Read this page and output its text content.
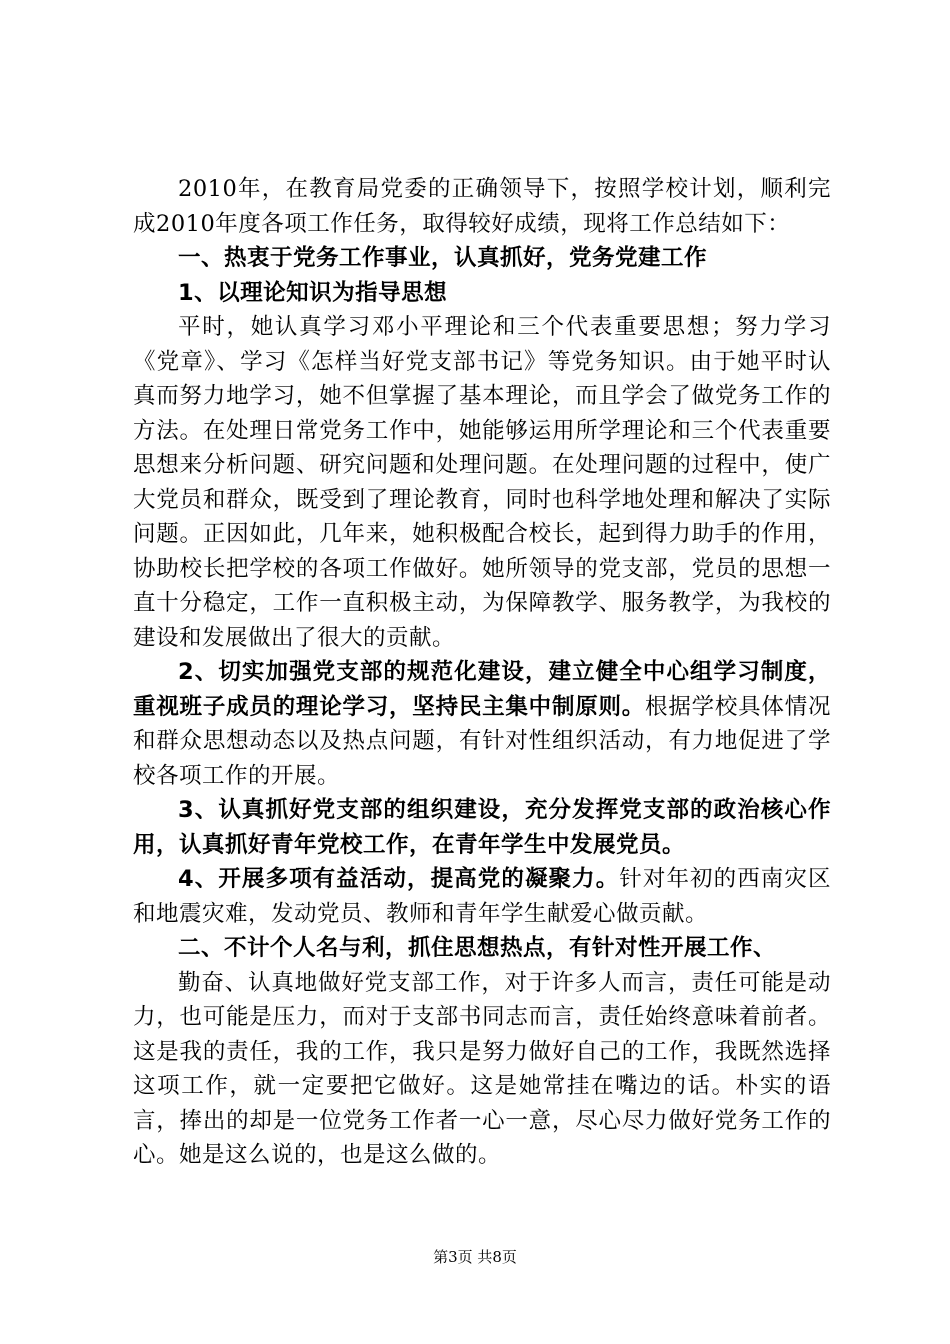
2010年，在教育局党委的正确领导下，按照学校计划，顺利完成2010年度各项工作任务，取得较好成绩，现将工作总结如下：

一、热衷于党务工作事业，认真抓好，党务党建工作

1、以理论知识为指导思想

平时，她认真学习邓小平理论和三个代表重要思想；努力学习《党章》、学习《怎样当好党支部书记》等党务知识。由于她平时认真而努力地学习，她不但掌握了基本理论，而且学会了做党务工作的方法。在处理日常党务工作中，她能够运用所学理论和三个代表重要思想来分析问题、研究问题和处理问题。在处理问题的过程中，使广大党员和群众，既受到了理论教育，同时也科学地处理和解决了实际问题。正因如此，几年来，她积极配合校长，起到得力助手的作用，协助校长把学校的各项工作做好。她所领导的党支部，党员的思想一直十分稳定，工作一直积极主动，为保障教学、服务教学，为我校的建设和发展做出了很大的贡献。

2、切实加强党支部的规范化建设，建立健全中心组学习制度，重视班子成员的理论学习，坚持民主集中制原则。根据学校具体情况和群众思想动态以及热点问题，有针对性组织活动，有力地促进了学校各项工作的开展。

3、认真抓好党支部的组织建设，充分发挥党支部的政治核心作用，认真抓好青年党校工作，在青年学生中发展党员。

4、开展多项有益活动，提高党的凝聚力。针对年初的西南灾区和地震灾难，发动党员、教师和青年学生献爱心做贡献。

二、不计个人名与利，抓住思想热点，有针对性开展工作、

勤奋、认真地做好党支部工作，对于许多人而言，责任可能是动力，也可能是压力，而对于支部书同志而言，责任始终意味着前者。这是我的责任，我的工作，我只是努力做好自己的工作，我既然选择这项工作，就一定要把它做好。这是她常挂在嘴边的话。朴实的语言，捧出的却是一位党务工作者一心一意，尽心尽力做好党务工作的心。她是这么说的，也是这么做的。

第3页 共8页
